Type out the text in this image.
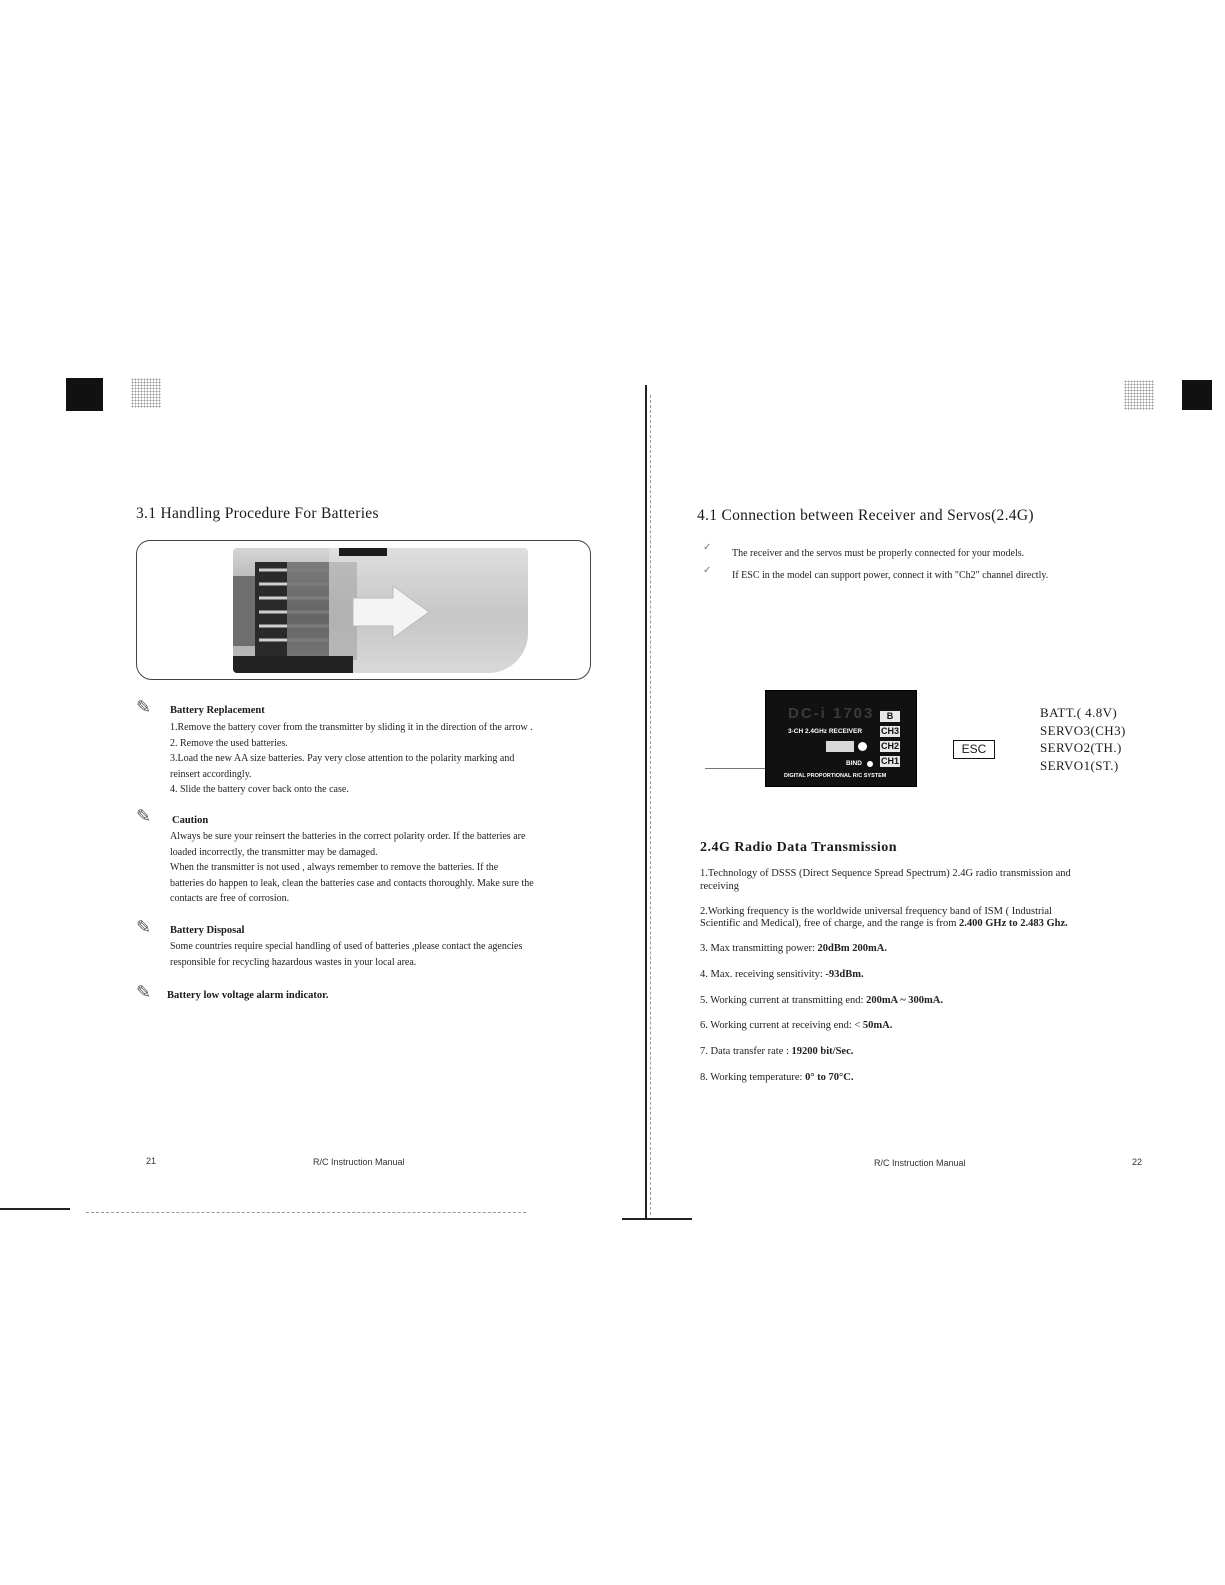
3.1 Handling Procedure For Batteries
✎ Battery Replacement
1.Remove the battery cover from the transmitter by sliding it in the direction of the arrow .
2. Remove the used batteries.
3.Load the new AA size batteries. Pay very close attention to the polarity marking and
reinsert accordingly.
4. Slide the battery cover back onto the case.
✎ Caution
Always be sure your reinsert the batteries in the correct polarity order. If the batteries are
loaded incorrectly, the transmitter may be damaged.
When the transmitter is not used , always remember to remove the batteries. If the
batteries do happen to leak, clean the batteries case and contacts thoroughly. Make sure the
contacts are free of corrosion.
✎ Battery Disposal
Some countries require special handling of used of batteries ,please contact the agencies
responsible for recycling hazardous wastes in your local area.
✎ Battery low voltage alarm indicator.
21	R/C Instruction Manual
4.1 Connection between Receiver and Servos(2.4G)
✓
The receiver and the servos must be properly connected for your models.
✓ If ESC in the model can support power, connect it with "Ch2" channel directly.
DC-i 1703
3-CH 2.4GHz RECEIVER
BIND
DIGITAL PROPORTIONAL R/C SYSTEM
B
CH3
CH2
CH1
ESC
BATT.( 4.8V)
SERVO3(CH3)
SERVO2(TH.)
SERVO1(ST.)
2.4G Radio Data Transmission
1.Technology of DSSS (Direct Sequence Spread Spectrum) 2.4G radio transmission and
receiving
2.Working frequency is the worldwide universal frequency band of ISM ( Industrial
Scientific and Medical), free of charge, and the range is from 2.400 GHz to 2.483 Ghz.
3. Max transmitting power: 20dBm 200mA.
4. Max. receiving sensitivity: -93dBm.
5. Working current at transmitting end: 200mA ~ 300mA.
6. Working current at receiving end: < 50mA.
7. Data transfer rate : 19200 bit/Sec.
8. Working temperature: 0° to 70°C.
R/C Instruction Manual	22
